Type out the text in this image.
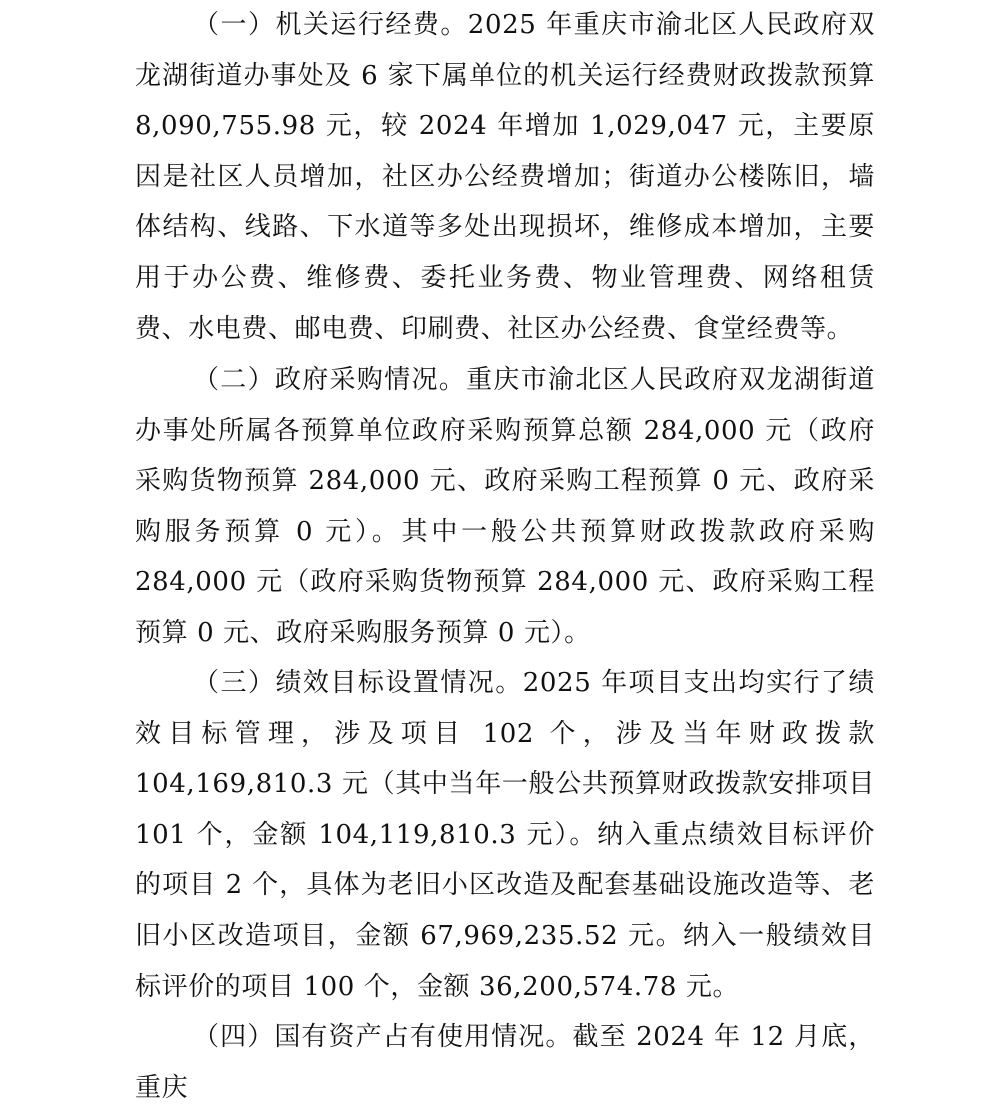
（一）机关运行经费。2025 年重庆市渝北区人民政府双龙湖街道办事处及 6 家下属单位的机关运行经费财政拨款预算 8,090,755.98 元，较 2024 年增加 1,029,047 元，主要原因是社区人员增加，社区办公经费增加；街道办公楼陈旧，墙体结构、线路、下水道等多处出现损坏，维修成本增加，主要用于办公费、维修费、委托业务费、物业管理费、网络租赁费、水电费、邮电费、印刷费、社区办公经费、食堂经费等。

（二）政府采购情况。重庆市渝北区人民政府双龙湖街道办事处所属各预算单位政府采购预算总额 284,000 元（政府采购货物预算 284,000 元、政府采购工程预算 0 元、政府采购服务预算 0 元）。其中一般公共预算财政拨款政府采购 284,000 元（政府采购货物预算 284,000 元、政府采购工程预算 0 元、政府采购服务预算 0 元）。

（三）绩效目标设置情况。2025 年项目支出均实行了绩效目标管理，涉及项目 102 个，涉及当年财政拨款 104,169,810.3 元（其中当年一般公共预算财政拨款安排项目 101 个，金额 104,119,810.3 元）。纳入重点绩效目标评价的项目 2 个，具体为老旧小区改造及配套基础设施改造等、老旧小区改造项目，金额 67,969,235.52 元。纳入一般绩效目标评价的项目 100 个，金额 36,200,574.78 元。

（四）国有资产占有使用情况。截至 2024 年 12 月底，重庆
